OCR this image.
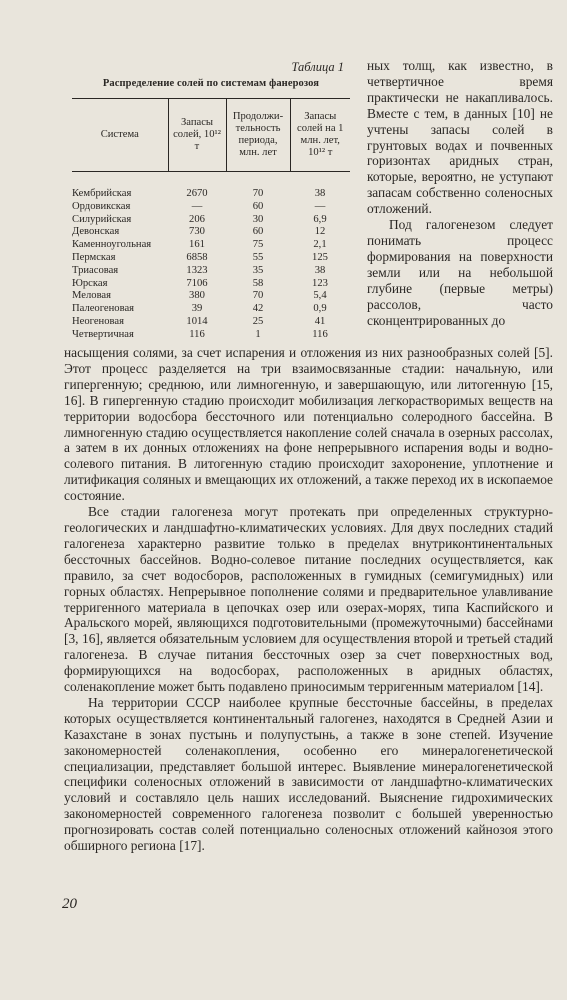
Таблица 1
Распределение солей по системам фанерозоя
Система	Запасы солей, 10¹² т	Продолжи- тельность периода, млн. лет	Запасы солей на 1 млн. лет, 10¹² т
Кембрийская	2670	70	38
Ордовикская	—	60	—
Силурийская	206	30	6,9
Девонская	730	60	12
Каменноугольная	161	75	2,1
Пермская	6858	55	125
Триасовая	1323	35	38
Юрская	7106	58	123
Меловая	380	70	5,4
Палеогеновая	39	42	0,9
Неогеновая	1014	25	41
Четвертичная	116	1	116

ных толщ, как известно, в четвертичное время практически не накапливалось. Вместе с тем, в данных [10] не учтены запасы солей в грунтовых водах и почвенных горизонтах аридных стран, которые, вероятно, не уступают запасам собственно соленосных отложений.

Под галогенезом следует понимать процесс формирования на поверхности земли или на небольшой глубине (первые метры) рассолов, часто сконцентрированных до

насыщения солями, за счет испарения и отложения из них разнообразных солей [5]. Этот процесс разделяется на три взаимосвязанные стадии: начальную, или гипергенную; среднюю, или лимногенную, и завершающую, или литогенную [15, 16]. В гипергенную стадию происходит мобилизация легкорастворимых веществ на территории водосбора бессточного или потенциально солеродного бассейна. В лимногенную стадию осуществляется накопление солей сначала в озерных рассолах, а затем в их донных отложениях на фоне непрерывного испарения воды и водно-солевого питания. В литогенную стадию происходит захоронение, уплотнение и литификация соляных и вмещающих их отложений, а также переход их в ископаемое состояние.

Все стадии галогенеза могут протекать при определенных структурно-геологических и ландшафтно-климатических условиях. Для двух последних стадий галогенеза характерно развитие только в пределах внутриконтинентальных бессточных бассейнов. Водно-солевое питание последних осуществляется, как правило, за счет водосборов, расположенных в гумидных (семигумидных) или горных областях. Непрерывное пополнение солями и предварительное улавливание терригенного материала в цепочках озер или озерах-морях, типа Каспийского и Аральского морей, являющихся подготовительными (промежуточными) бассейнами [3, 16], является обязательным условием для осуществления второй и третьей стадий галогенеза. В случае питания бессточных озер за счет поверхностных вод, формирующихся на водосборах, расположенных в аридных областях, соленакопление может быть подавлено приносимым терригенным материалом [14].

На территории СССР наиболее крупные бессточные бассейны, в пределах которых осуществляется континентальный галогенез, находятся в Средней Азии и Казахстане в зонах пустынь и полупустынь, а также в зоне степей. Изучение закономерностей соленакопления, особенно его минералогенетической специализации, представляет большой интерес. Выявление минералогенетической специфики соленосных отложений в зависимости от ландшафтно-климатических условий и составляло цель наших исследований. Выяснение гидрохимических закономерностей современного галогенеза позволит с большей уверенностью прогнозировать состав солей потенциально соленосных отложений кайнозоя этого обширного региона [17].

20
